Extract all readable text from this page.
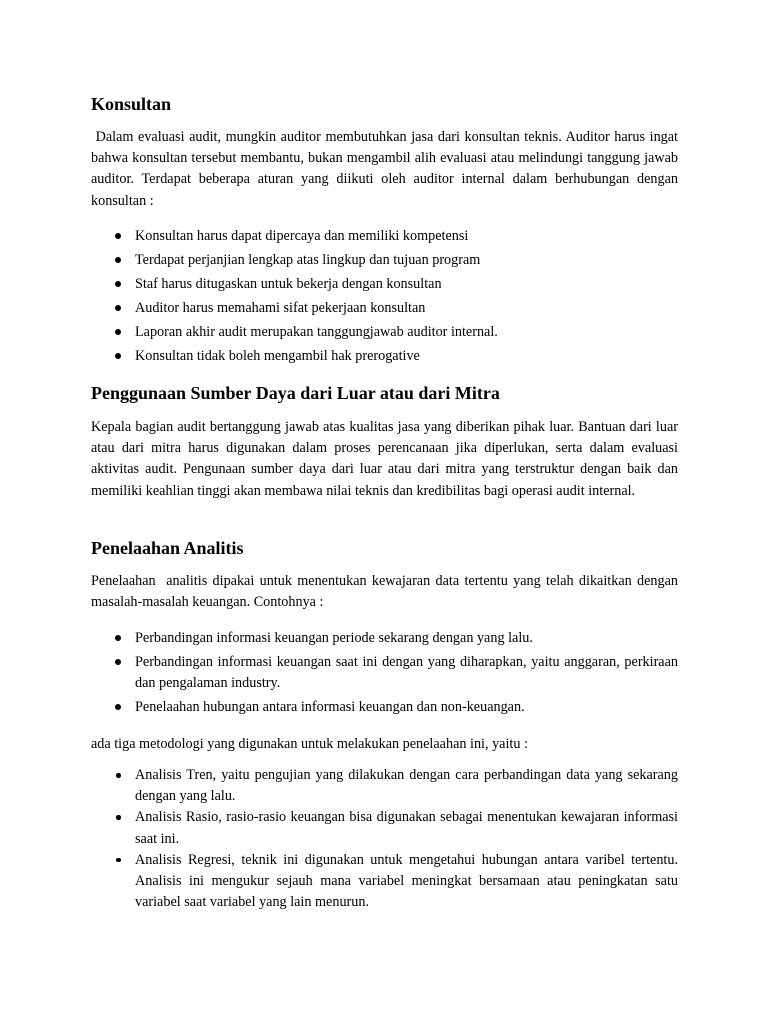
Konsultan

Dalam evaluasi audit, mungkin auditor membutuhkan jasa dari konsultan teknis. Auditor harus ingat bahwa konsultan tersebut membantu, bukan mengambil alih evaluasi atau melindungi tanggung jawab auditor. Terdapat beberapa aturan yang diikuti oleh auditor internal dalam berhubungan dengan konsultan :

Konsultan harus dapat dipercaya dan memiliki kompetensi
Terdapat perjanjian lengkap atas lingkup dan tujuan program
Staf harus ditugaskan untuk bekerja dengan konsultan
Auditor harus memahami sifat pekerjaan konsultan
Laporan akhir audit merupakan tanggungjawab auditor internal.
Konsultan tidak boleh mengambil hak prerogative
Penggunaan Sumber Daya dari Luar atau dari Mitra

Kepala bagian audit bertanggung jawab atas kualitas jasa yang diberikan pihak luar. Bantuan dari luar atau dari mitra harus digunakan dalam proses perencanaan jika diperlukan, serta dalam evaluasi aktivitas audit. Pengunaan sumber daya dari luar atau dari mitra yang terstruktur dengan baik dan memiliki keahlian tinggi akan membawa nilai teknis dan kredibilitas bagi operasi audit internal.

Penelaahan Analitis

Penelaahan  analitis dipakai untuk menentukan kewajaran data tertentu yang telah dikaitkan dengan masalah-masalah keuangan. Contohnya :

Perbandingan informasi keuangan periode sekarang dengan yang lalu.
Perbandingan informasi keuangan saat ini dengan yang diharapkan, yaitu anggaran, perkiraan dan pengalaman industry.
Penelaahan hubungan antara informasi keuangan dan non-keuangan.

ada tiga metodologi yang digunakan untuk melakukan penelaahan ini, yaitu :

Analisis Tren, yaitu pengujian yang dilakukan dengan cara perbandingan data yang sekarang dengan yang lalu.
Analisis Rasio, rasio-rasio keuangan bisa digunakan sebagai menentukan kewajaran informasi saat ini.
Analisis Regresi, teknik ini digunakan untuk mengetahui hubungan antara varibel tertentu. Analisis ini mengukur sejauh mana variabel meningkat bersamaan atau peningkatan satu variabel saat variabel yang lain menurun.
